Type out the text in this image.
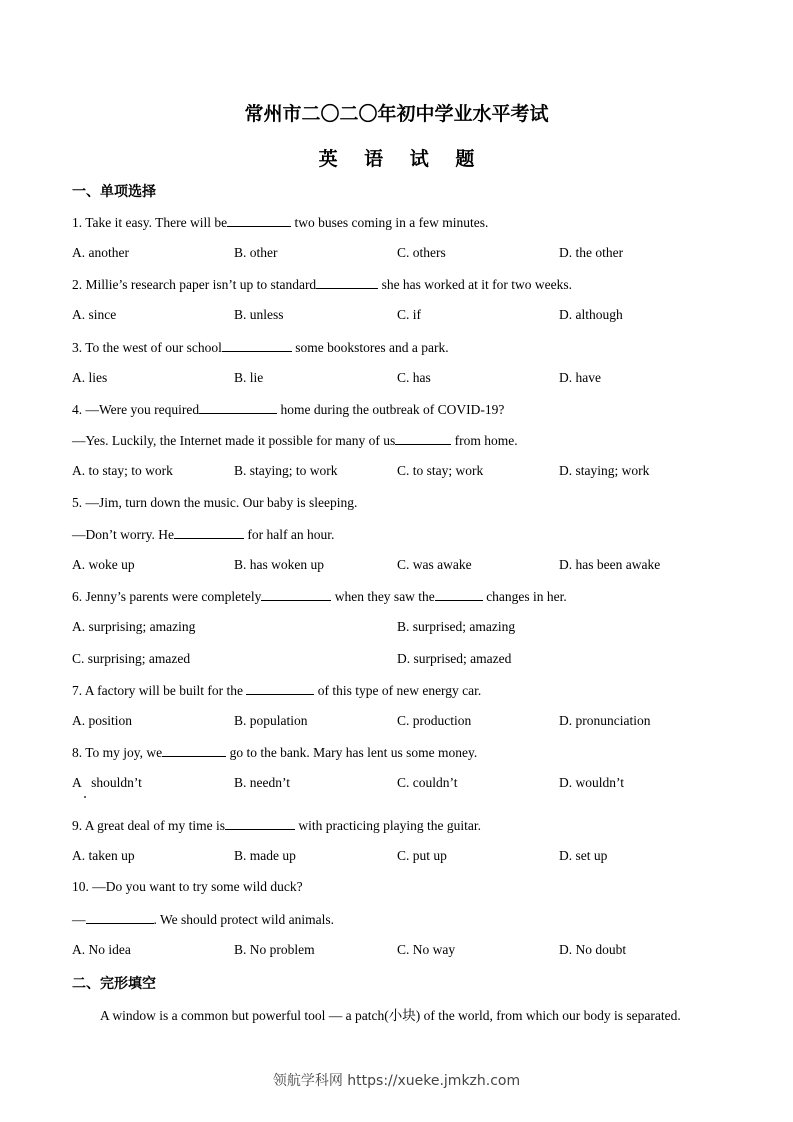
常州市二〇二〇年初中学业水平考试
英 语 试 题
一、单项选择
1. Take it easy. There will be	two buses coming in a few minutes.
A. another	B. other	C. others	D. the other
2. Millie’s research paper isn’t up to standard	she has worked at it for two weeks.
A. since	B. unless	C. if	D. although
3. To the west of our school	some bookstores and a park.
A. lies	B. lie	C. has	D. have
4. —Were you required	home during the outbreak of COVID-19?
—Yes. Luckily, the Internet made it possible for many of us	from home.
A. to stay; to work	B. staying; to work	C. to stay; work	D. staying; work
5. —Jim, turn down the music. Our baby is sleeping.
—Don’t worry. He	for half an hour.
A. woke up	B. has woken up	C. was awake	D. has been awake
6. Jenny’s parents were completely	when they saw the	changes in her.
A. surprising; amazing	B. surprised; amazing
C. surprising; amazed	D. surprised; amazed
7. A factory will be built for the	of this type of new energy car.
A. position	B. population	C. production	D. pronunciation
8. To my joy, we	go to the bank. Mary has lent us some money.
A   shouldn’t	B. needn’t	C. couldn’t	D. wouldn’t
9. A great deal of my time is	with practicing playing the guitar.
A. taken up	B. made up	C. put up	D. set up
10. —Do you want to try some wild duck?
—	. We should protect wild animals.
A. No idea	B. No problem	C. No way	D. No doubt
二、完形填空
A window is a common but powerful tool — a patch(小块) of the world, from which our body is separated.
领航学科网 https://xueke.jmkzh.com
